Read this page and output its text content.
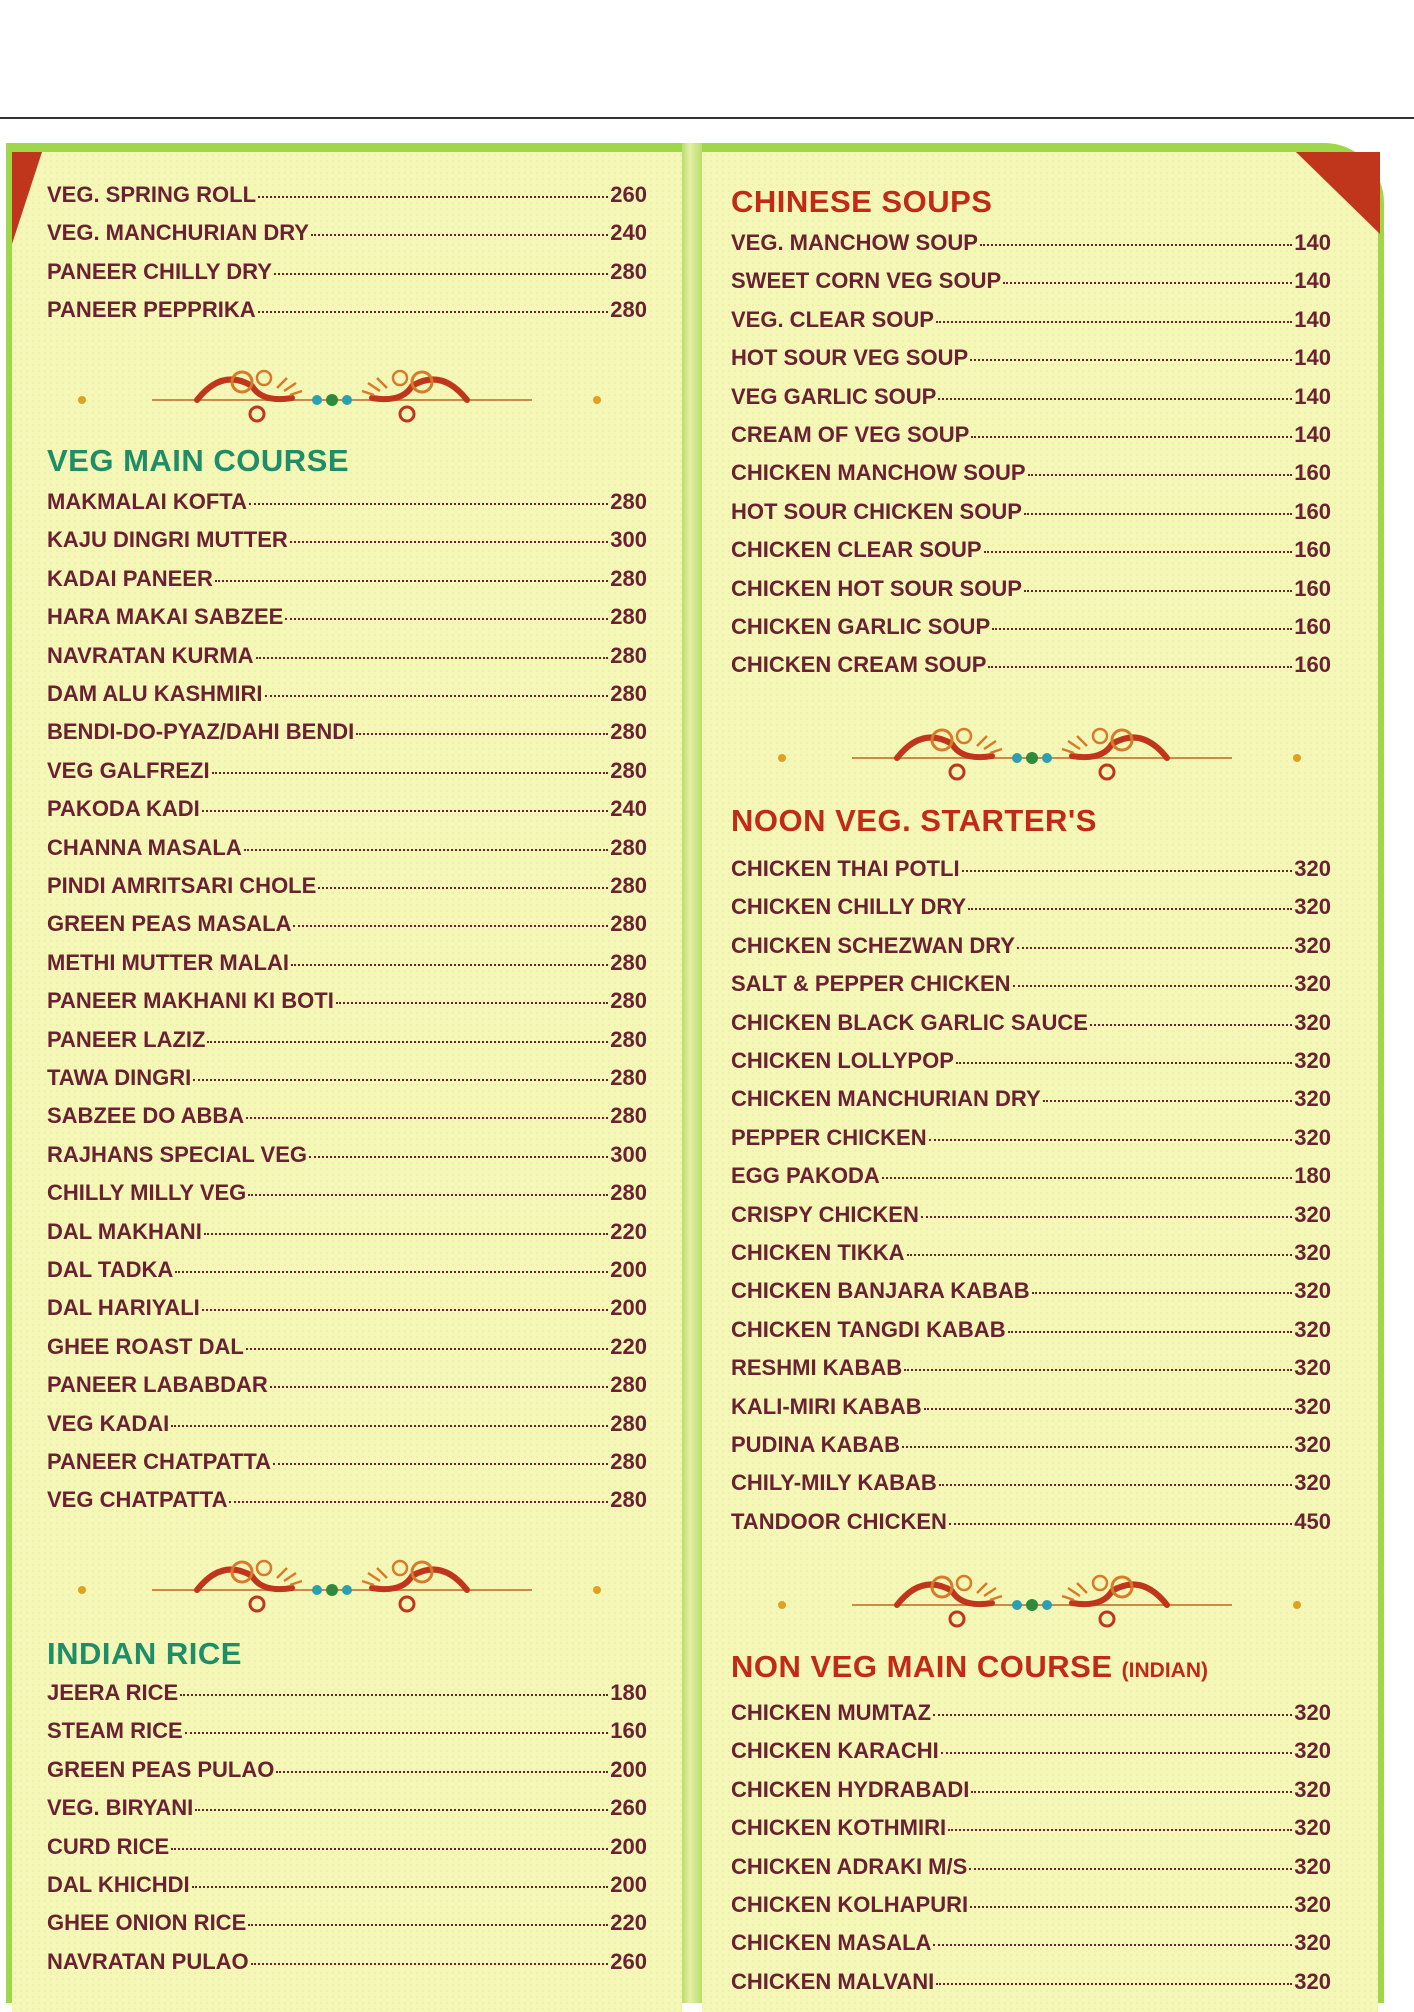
VEG MAIN COURSE
INDIAN RICE
CHINESE SOUPS
NOON VEG. STARTER'S
NON VEG MAIN COURSE (INDIAN)
VEG. SPRING ROLL	260
VEG. MANCHURIAN DRY	240
PANEER CHILLY DRY	280
PANEER PEPPRIKA	280
MAKMALAI KOFTA	280
KAJU DINGRI MUTTER	300
KADAI PANEER	280
HARA MAKAI SABZEE	280
NAVRATAN KURMA	280
DAM ALU KASHMIRI	280
BENDI-DO-PYAZ/DAHI BENDI	280
VEG GALFREZI	280
PAKODA KADI	240
CHANNA MASALA	280
PINDI AMRITSARI CHOLE	280
GREEN PEAS MASALA	280
METHI MUTTER MALAI	280
PANEER MAKHANI KI BOTI	280
PANEER LAZIZ	280
TAWA DINGRI	280
SABZEE DO ABBA	280
RAJHANS SPECIAL VEG	300
CHILLY MILLY VEG	280
DAL MAKHANI	220
DAL TADKA	200
DAL HARIYALI	200
GHEE ROAST DAL	220
PANEER LABABDAR	280
VEG KADAI	280
PANEER CHATPATTA	280
VEG CHATPATTA	280
JEERA RICE	180
STEAM RICE	160
GREEN PEAS PULAO	200
VEG. BIRYANI	260
CURD RICE	200
DAL KHICHDI	200
GHEE ONION RICE	220
NAVRATAN PULAO	260
VEG. MANCHOW SOUP	140
SWEET CORN VEG SOUP	140
VEG. CLEAR SOUP	140
HOT SOUR VEG SOUP	140
VEG GARLIC SOUP	140
CREAM OF VEG SOUP	140
CHICKEN MANCHOW SOUP	160
HOT SOUR CHICKEN SOUP	160
CHICKEN CLEAR SOUP	160
CHICKEN HOT SOUR SOUP	160
CHICKEN GARLIC SOUP	160
CHICKEN CREAM SOUP	160
CHICKEN THAI POTLI	320
CHICKEN CHILLY DRY	320
CHICKEN SCHEZWAN DRY	320
SALT & PEPPER CHICKEN	320
CHICKEN BLACK GARLIC SAUCE	320
CHICKEN LOLLYPOP	320
CHICKEN MANCHURIAN DRY	320
PEPPER CHICKEN	320
EGG PAKODA	180
CRISPY CHICKEN	320
CHICKEN TIKKA	320
CHICKEN BANJARA KABAB	320
CHICKEN TANGDI KABAB	320
RESHMI KABAB	320
KALI-MIRI KABAB	320
PUDINA KABAB	320
CHILY-MILY KABAB	320
TANDOOR CHICKEN	450
CHICKEN MUMTAZ	320
CHICKEN KARACHI	320
CHICKEN HYDRABADI	320
CHICKEN KOTHMIRI	320
CHICKEN ADRAKI M/S	320
CHICKEN KOLHAPURI	320
CHICKEN MASALA	320
CHICKEN MALVANI	320
